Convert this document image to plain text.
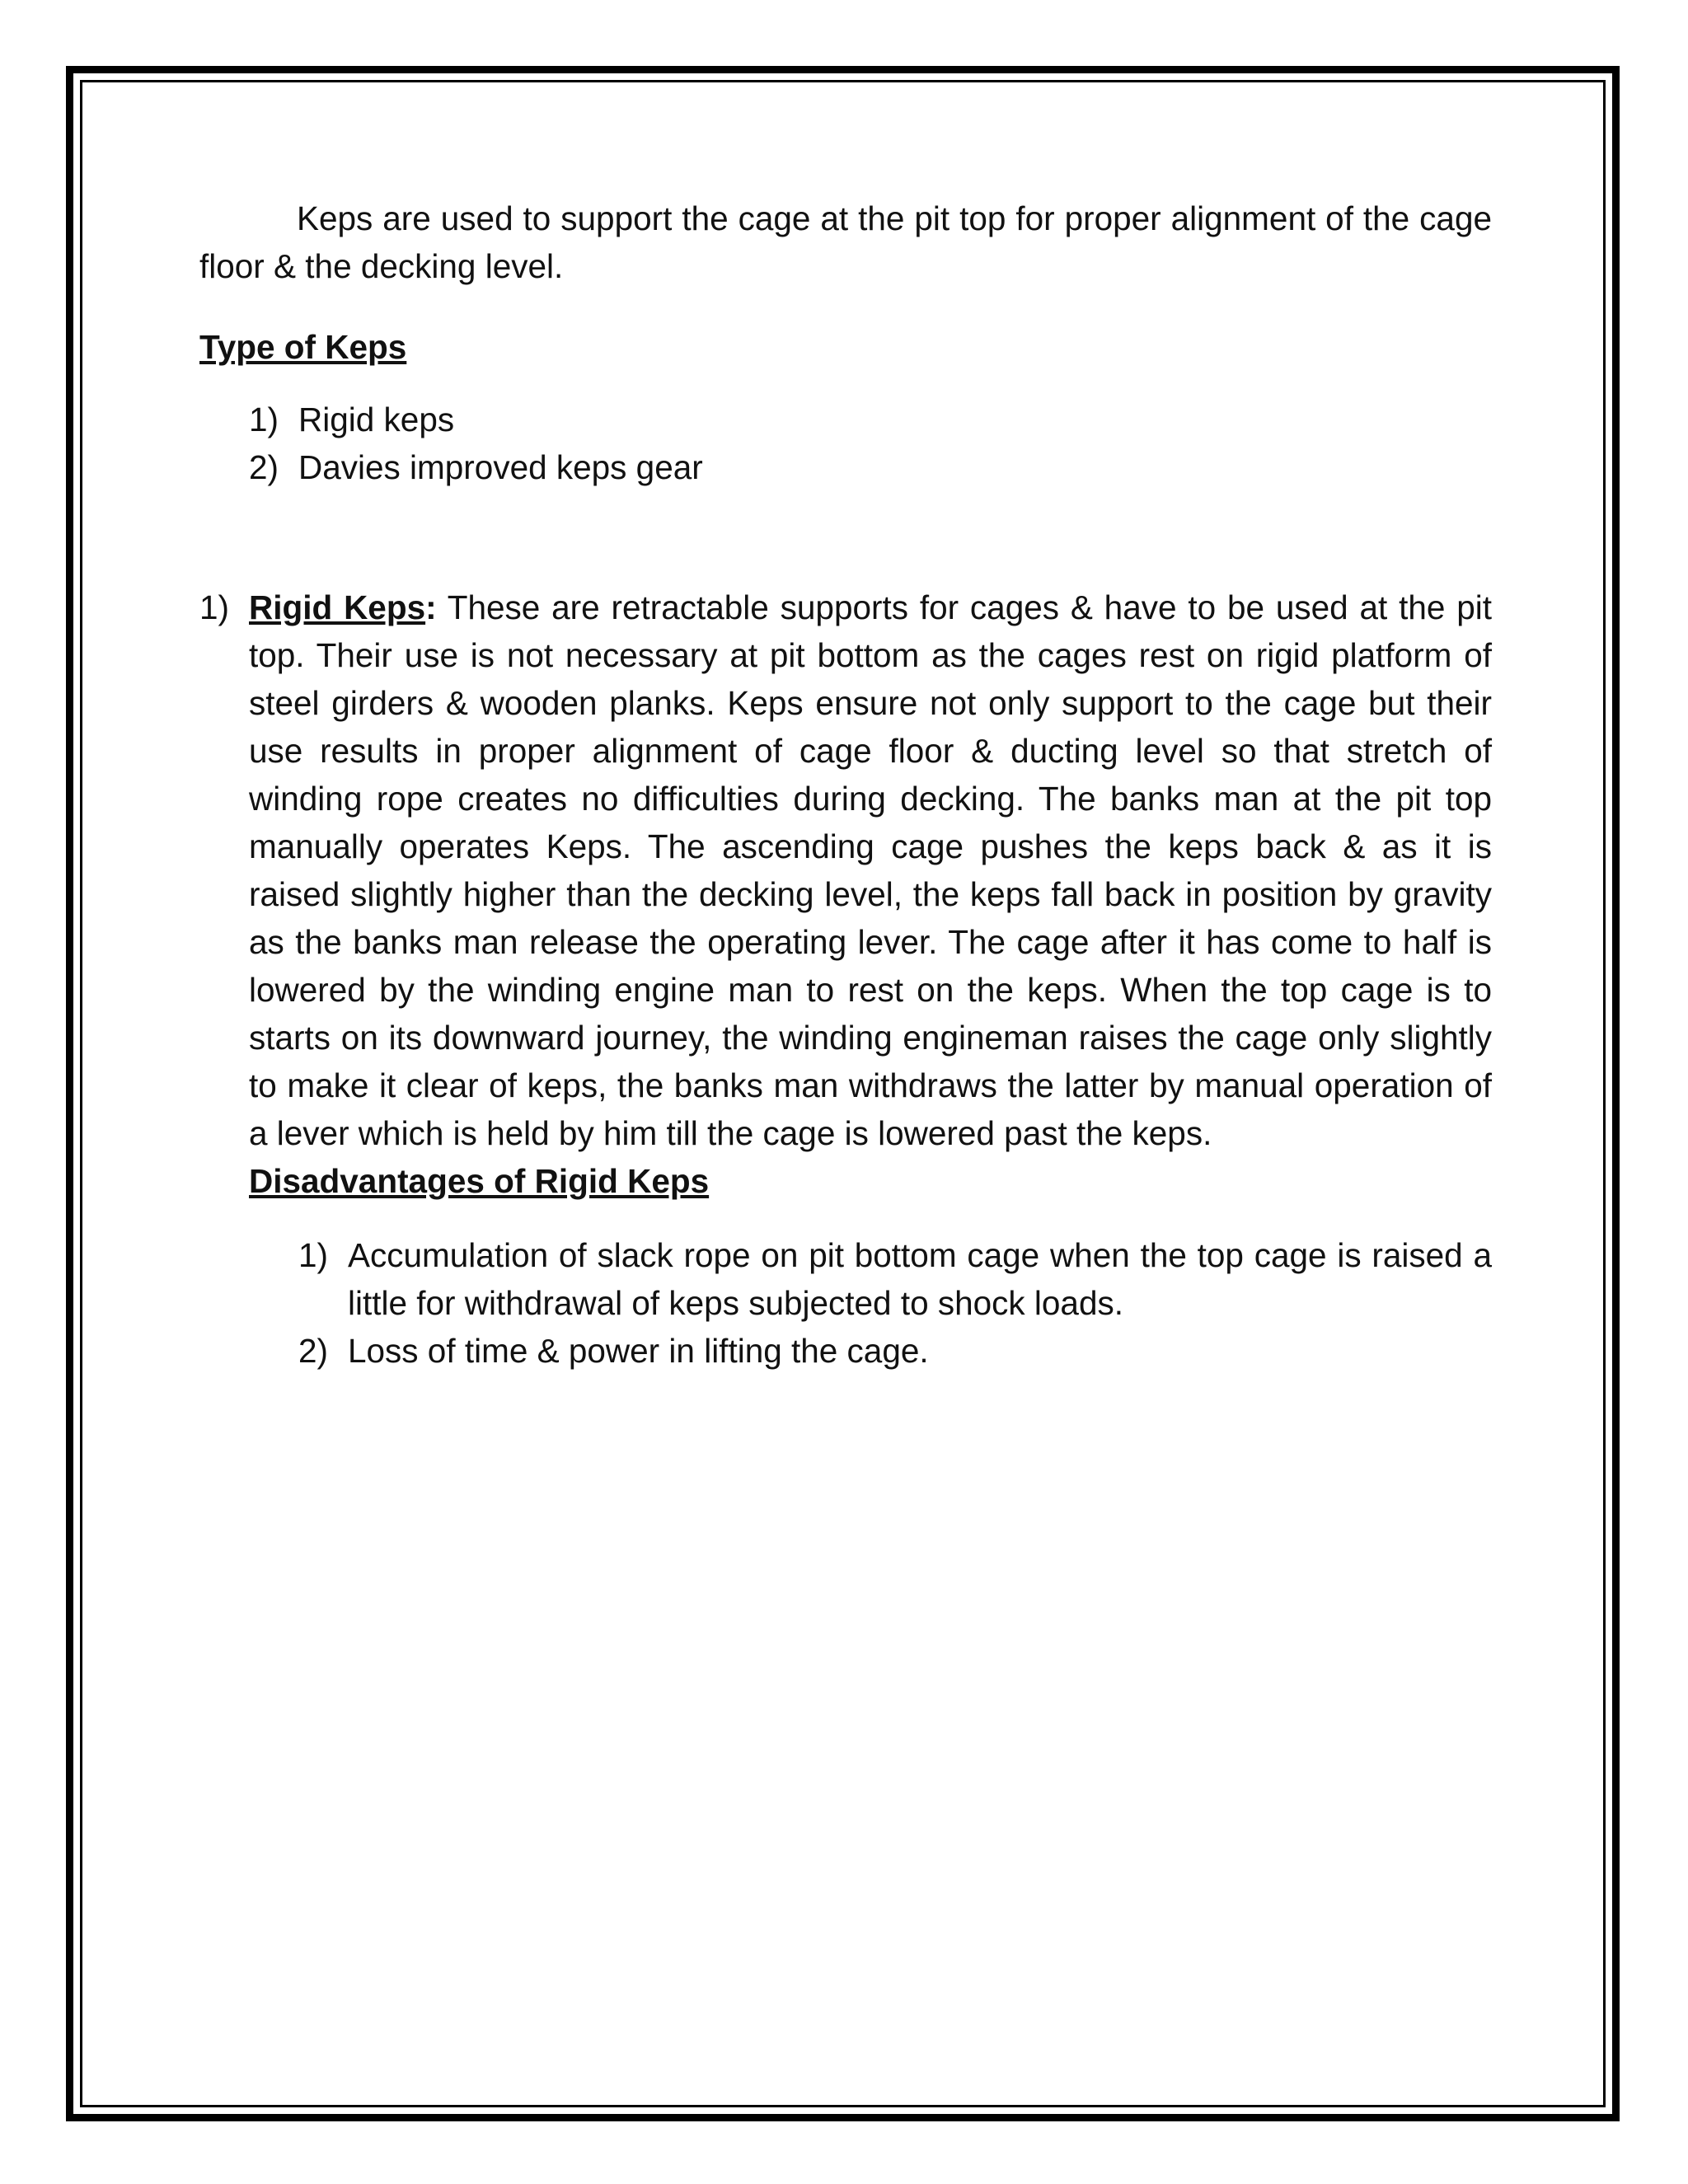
Keps are used to support the cage at the pit top for proper alignment of the cage floor & the decking level.

Type of Keps
1) Rigid keps
2) Davies improved keps gear
1) Rigid Keps: These are retractable supports for cages & have to be used at the pit top. Their use is not necessary at pit bottom as the cages rest on rigid platform of steel girders & wooden planks. Keps ensure not only support to the cage but their use results in proper alignment of cage floor & ducting level so that stretch of winding rope creates no difficulties during decking. The banks man at the pit top manually operates Keps. The ascending cage pushes the keps back & as it is raised slightly higher than the decking level, the keps fall back in position by gravity as the banks man release the operating lever. The cage after it has come to half is lowered by the winding engine man to rest on the keps. When the top cage is to starts on its downward journey, the winding engineman raises the cage only slightly to make it clear of keps, the banks man withdraws the latter by manual operation of a lever which is held by him till the cage is lowered past the keps.

Disadvantages of Rigid Keps
1) Accumulation of slack rope on pit bottom cage when the top cage is raised a little for withdrawal of keps subjected to shock loads.
2) Loss of time & power in lifting the cage.
